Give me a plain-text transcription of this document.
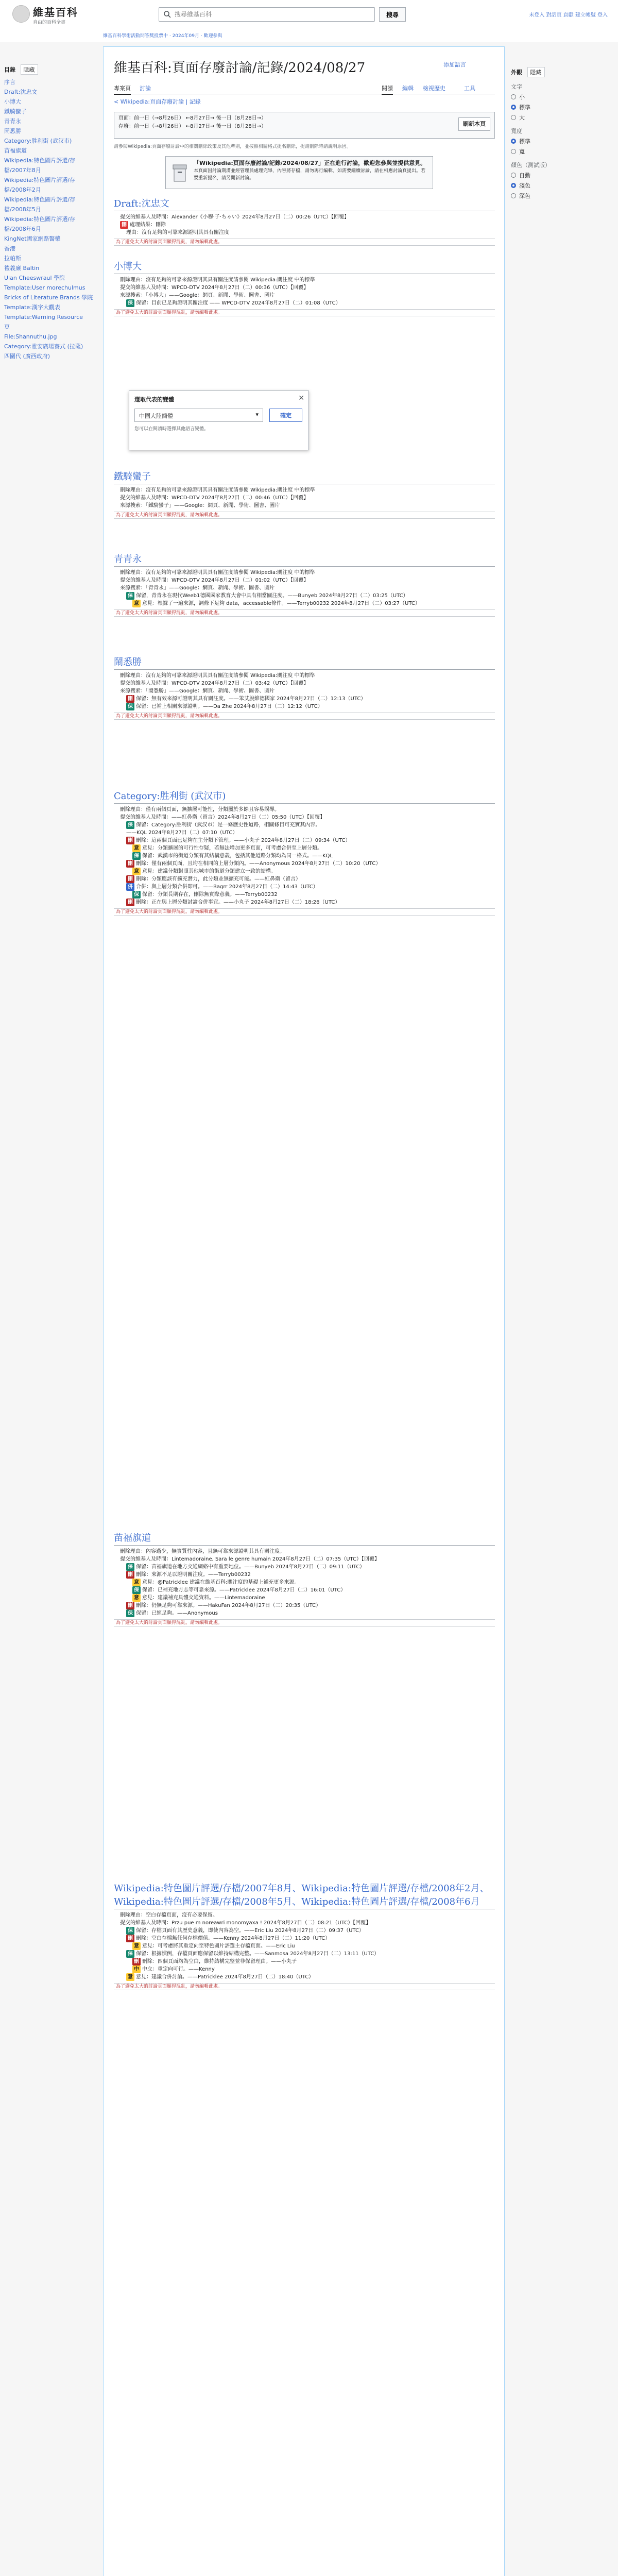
維基百科
自由的百科全書
搜尋維基百科
搜尋	未登入 對話頁 貢獻 建立帳號 登入
維基百科學術活動問答獎投票中 · 2024年09月 · 歡迎參與
目錄 隱藏
序言
Draft:沈忠文
小博大
鐵騎蠻子
青青永
鬧悉勝
Category:胜利街 (武汉市)
苗福旗道
Wikipedia:特色圖片評選/存檔/2007年8月
Wikipedia:特色圖片評選/存檔/2008年2月
Wikipedia:特色圖片評選/存檔/2008年5月
Wikipedia:特色圖片評選/存檔/2008年6月
KingNet國家網路醫藥
香港
拉帕斯
禮義廉 Baltin
Ulan Cheeswraul 學院
Template:User morechulmus
Bricks of Literature Brands 學院
Template:漢字大觀表 Template:Warning Resource
豆
File:Shannuthu.jpg
Category:雅安廣場賽式 (拉薩)
四圍代 (廣西政府)
維基百科:頁面存廢討論/記錄/2024/08/27	添加語言
專案頁 討論	閱讀 編輯 檢視歷史	工具
< Wikipedia:頁面存廢討論 | 記錄
頁面：前一日（→8月26日） ←8月27日→ 後一日（8月28日→）
存廢：前一日（→8月26日） ←8月27日→ 後一日（8月28日→）	刷新本頁
請參閱Wikipedia:頁面存廢討論中的相關刪除政策及其他準則，並按照相關格式提名刪除，提請刪除時請說明原因。
「Wikipedia:頁面存廢討論/記錄/2024/08/27」正在進行討論，歡迎您參與並提供意見。
本頁面因討論期滿並經管理員處理完畢，內容將存檔，請勿再行編輯。如需要繼續討論，請在相應討論頁提出。若要重新提名，請另開新討論。
Draft:沈忠文
提交的維基人及時間：Alexander《小穆·子·ちゃい》2024年8月27日（二）00:26（UTC）【回覆】
刪 處理結果：刪除
理由：沒有足夠的可靠來源證明其具有關注度
為了避免太大的討論頁面顯得混亂，請勿編輯此處。
小博大
刪除理由：沒有足夠的可靠來源證明其具有關注度請參閱 Wikipedia:關注度 中的標準
提交的維基人及時間：WPCD-DTV 2024年8月27日（二）00:36（UTC）【回覆】
來源搜索：「小博大」——Google：網頁、新聞、學術、圖書、圖片
保 保留：目前已足夠證明其關注度 —— WPCD-DTV 2024年8月27日（二）01:08（UTC）
為了避免太大的討論頁面顯得混亂，請勿編輯此處。
鐵騎蠻子
刪除理由：沒有足夠的可靠來源證明其具有關注度請參閱 Wikipedia:關注度 中的標準
提交的維基人及時間：WPCD-DTV 2024年8月27日（二）00:46（UTC）【回覆】
來源搜索：「鐵騎蠻子」——Google：網頁、新聞、學術、圖書、圖片
為了避免太大的討論頁面顯得混亂，請勿編輯此處。
青青永
刪除理由：沒有足夠的可靠來源證明其具有關注度請參閱 Wikipedia:關注度 中的標準
提交的維基人及時間：WPCD-DTV 2024年8月27日（二）01:02（UTC）【回覆】
來源搜索：「青青永」——Google：網頁、新聞、學術、圖書、圖片
保 保留，青青永在現代Weeb1德國國家教育大會中具有相當關注度。——Bunyeb 2024年8月27日（二）03:25（UTC）
意 意見：根據了一遍來源，詞條下足夠 data，accessable條件。——Terryb00232 2024年8月27日（二）03:27（UTC）
為了避免太大的討論頁面顯得混亂，請勿編輯此處。
鬧悉勝
刪除理由：沒有足夠的可靠來源證明其具有關注度請參閱 Wikipedia:關注度 中的標準
提交的維基人及時間：WPCD-DTV 2024年8月27日（二）03:42（UTC）【回覆】
來源搜索：「鬧悉勝」——Google：網頁、新聞、學術、圖書、圖片
刪 保留：無有效來源可證明其具有關注度。——笨艾脫維德國家 2024年8月27日（二）12:13（UTC）
保 保留：已補上相關來源證明。——Da Zhe 2024年8月27日（二）12:12（UTC）
為了避免太大的討論頁面顯得混亂，請勿編輯此處。
Category:胜利街 (武汉市)
刪除理由：僅有兩個頁面，無擴展可能性，分類屬於多餘且容易誤導。
提交的維基人及時間：——紅鼻衛（留言）2024年8月27日（二）05:50（UTC）【回覆】
保 保留：Category:胜利街（武汉市）是一條歷史性道路，相關條目可充實其內容。
——KQL 2024年8月27日（二）07:10（UTC）
刪 刪除：這兩個頁面已足夠在主分類下管理。——小丸子 2024年8月27日（二）09:34（UTC）
意 意見：分類擴展的可行性存疑，若無法增加更多頁面，可考慮合併至上層分類。
保 保留：武漢市的街道分類有其結構意義，包括其他道路分類均為同一格式。——KQL
刪 刪除：僅有兩個頁面，且均在相同的上層分類內。——Anonymous 2024年8月27日（二）10:20（UTC）
意 意見：建議分類對照其他城市的街道分類建立一致的結構。
刪 刪除：分類應該有擴充潛力，此分類並無擴充可能。——紅鼻衛（留言）
併 合併：與上層分類合併即可。——Bagrr 2024年8月27日（二）14:43（UTC）
保 保留：分類長期存在，刪除無實際意義。——Terryb00232
刪 刪除：正在與上層分類討論合併事宜。——小丸子 2024年8月27日（二）18:26（UTC）
為了避免太大的討論頁面顯得混亂，請勿編輯此處。
苗福旗道
刪除理由：內容過少，無實質性內容，且無可靠來源證明其具有關注度。
提交的維基人及時間：Lintemadoraine, Sara le genre humain 2024年8月27日（二）07:35（UTC）【回覆】
保 保留：苗福旗道在地方交通網絡中有重要地位。——Bunyeb 2024年8月27日（二）09:11（UTC）
刪 刪除：來源不足以證明關注度。——Terryb00232
意 意見：@Patricklee 建議在維基百科:關注度的基礎上補充更多來源。
保 保留：已補充地方志等可靠來源。——Patricklee 2024年8月27日（二）16:01（UTC）
意 意見：建議補充具體交通資料。——Lintemadoraine
刪 刪除：仍無足夠可靠來源。——HakuFan 2024年8月27日（二）20:35（UTC）
保 保留：已經足夠。——Anonymous
為了避免太大的討論頁面顯得混亂，請勿編輯此處。
Wikipedia:特色圖片評選/存檔/2007年8月、Wikipedia:特色圖片評選/存檔/2008年2月、Wikipedia:特色圖片評選/存檔/2008年5月、Wikipedia:特色圖片評選/存檔/2008年6月
刪除理由：空白存檔頁面，沒有必要保留。
提交的維基人及時間：Przu pue m noreawri monomyaxa ! 2024年8月27日（二）08:21（UTC）【回覆】
保 保留：存檔頁面有其歷史意義，即使內容為空。——Eric Liu 2024年8月27日（二）09:37（UTC）
刪 刪除：空白存檔無任何存檔價值。——Kenny 2024年8月27日（二）11:20（UTC）
意 意見：可考慮將其重定向至特色圖片評選主存檔頁面。——Eric Liu
保 保留：根據慣例，存檔頁面應保留以維持結構完整。——Sanmosa 2024年8月27日（二）13:11（UTC）
刪 刪除：四個頁面均為空白，維持結構完整並非保留理由。——小丸子
中 中立：重定向可行。——Kenny
意 意見：建議合併討論。——Patricklee 2024年8月27日（二）18:40（UTC）
為了避免太大的討論頁面顯得混亂，請勿編輯此處。
選取代表的變體	✕
中國大陸簡體	▾	確定
您可以在閱讀時選擇其他語言變體。
外觀 隱藏
文字
小
標準
大
寬度
標準
寬
顏色（測試版）
自動
淺色
深色
